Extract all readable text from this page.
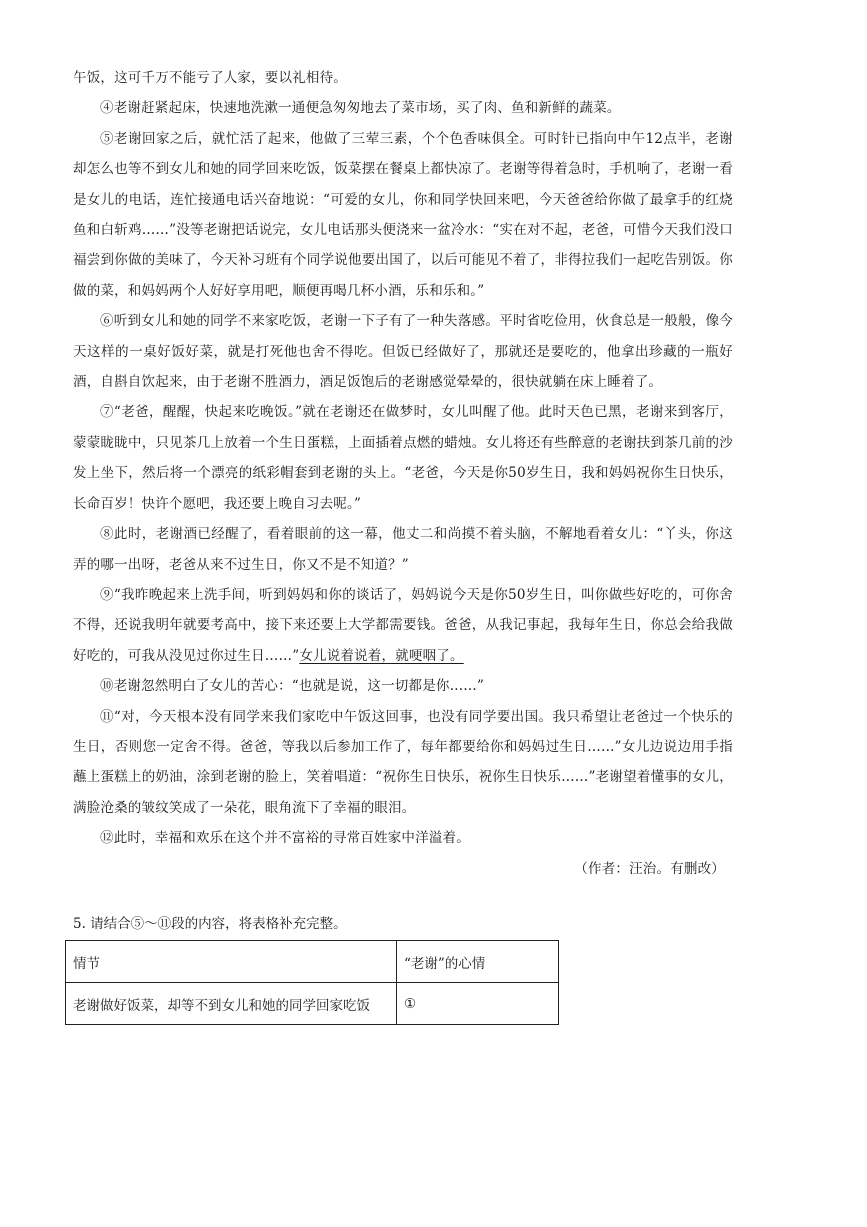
午饭，这可千万不能亏了人家，要以礼相待。

④老谢赶紧起床，快速地洗漱一通便急匆匆地去了菜市场，买了肉、鱼和新鲜的蔬菜。

⑤老谢回家之后，就忙活了起来，他做了三荤三素，个个色香味俱全。可时针已指向中午12点半，老谢却怎么也等不到女儿和她的同学回来吃饭，饭菜摆在餐桌上都快凉了。老谢等得着急时，手机响了，老谢一看是女儿的电话，连忙接通电话兴奋地说：“可爱的女儿，你和同学快回来吧，今天爸爸给你做了最拿手的红烧鱼和白斩鸡……”没等老谢把话说完，女儿电话那头便浇来一盆冷水：“实在对不起，老爸，可惜今天我们没口福尝到你做的美味了，今天补习班有个同学说他要出国了，以后可能见不着了，非得拉我们一起吃告别饭。你做的菜，和妈妈两个人好好享用吧，顺便再喝几杯小酒，乐和乐和。”

⑥听到女儿和她的同学不来家吃饭，老谢一下子有了一种失落感。平时省吃俭用，伙食总是一般般，像今天这样的一桌好饭好菜，就是打死他也舍不得吃。但饭已经做好了，那就还是要吃的，他拿出珍藏的一瓶好酒，自斟自饮起来，由于老谢不胜酒力，酒足饭饱后的老谢感觉晕晕的，很快就躺在床上睡着了。

⑦“老爸，醒醒，快起来吃晚饭。”就在老谢还在做梦时，女儿叫醒了他。此时天色已黑，老谢来到客厅，蒙蒙眬眬中，只见茶几上放着一个生日蛋糕，上面插着点燃的蜡烛。女儿将还有些醉意的老谢扶到茶几前的沙发上坐下，然后将一个漂亮的纸彩帽套到老谢的头上。“老爸，今天是你50岁生日，我和妈妈祝你生日快乐，长命百岁！快许个愿吧，我还要上晚自习去呢。”

⑧此时，老谢酒已经醒了，看着眼前的这一幕，他丈二和尚摸不着头脑，不解地看着女儿：“丫头，你这弄的哪一出呀，老爸从来不过生日，你又不是不知道？”

⑨“我昨晚起来上洗手间，听到妈妈和你的谈话了，妈妈说今天是你50岁生日，叫你做些好吃的，可你舍不得，还说我明年就要考高中，接下来还要上大学都需要钱。爸爸，从我记事起，我每年生日，你总会给我做好吃的，可我从没见过你过生日……”女儿说着说着，就哽咽了。

⑩老谢忽然明白了女儿的苦心：“也就是说，这一切都是你……”

⑪“对，今天根本没有同学来我们家吃中午饭这回事，也没有同学要出国。我只希望让老爸过一个快乐的生日，否则您一定舍不得。爸爸，等我以后参加工作了，每年都要给你和妈妈过生日……”女儿边说边用手指蘸上蛋糕上的奶油，涂到老谢的脸上，笑着唱道：“祝你生日快乐，祝你生日快乐……”老谢望着懂事的女儿，满脸沧桑的皱纹笑成了一朵花，眼角流下了幸福的眼泪。

⑫此时，幸福和欢乐在这个并不富裕的寻常百姓家中洋溢着。

（作者：汪治。有删改）

5. 请结合⑤～⑪段的内容，将表格补充完整。

情节	“老谢”的心情
老谢做好饭菜，却等不到女儿和她的同学回家吃饭	①
